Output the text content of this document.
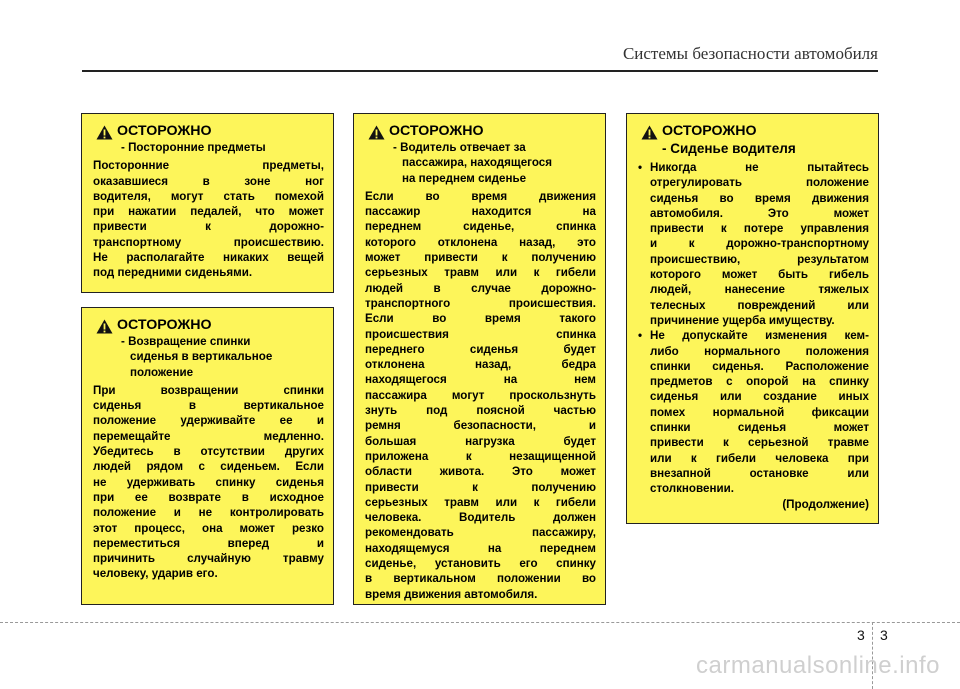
Системы безопасности автомобиля
ОСТОРОЖНО
- Посторонние предметы
Посторонние предметы,
оказавшиеся в зоне ног
водителя, могут стать помехой
при нажатии педалей, что может
привести к дорожно-
транспортному происшествию.
Не располагайте никаких вещей
под передними сиденьями.
ОСТОРОЖНО
- Возвращение спинки
сиденья в вертикальное
положение
При возвращении спинки
сиденья в вертикальное
положение удерживайте ее и
перемещайте медленно.
Убедитесь в отсутствии других
людей рядом с сиденьем. Если
не удерживать спинку сиденья
при ее возврате в исходное
положение и не контролировать
этот процесс, она может резко
переместиться вперед и
причинить случайную травму
человеку, ударив его.
ОСТОРОЖНО
- Водитель отвечает за
пассажира, находящегося
на переднем сиденье
Если во время движения
пассажир находится на
переднем сиденье, спинка
которого отклонена назад, это
может привести к получению
серьезных травм или к гибели
людей в случае дорожно-
транспортного происшествия.
Если во время такого
происшествия спинка
переднего сиденья будет
отклонена назад, бедра
находящегося на нем
пассажира могут проскользнуть
знуть под поясной частью
ремня безопасности, и
большая нагрузка будет
приложена к незащищенной
области живота. Это может
привести к получению
серьезных травм или к гибели
человека. Водитель должен
рекомендовать пассажиру,
находящемуся на переднем
сиденье, установить его спинку
в вертикальном положении во
время движения автомобиля.
ОСТОРОЖНО
- Сиденье водителя
• Никогда не пытайтесь
отрегулировать положение
сиденья во время движения
автомобиля. Это может
привести к потере управления
и к дорожно-транспортному
происшествию, результатом
которого может быть гибель
людей, нанесение тяжелых
телесных повреждений или
причинение ущерба имуществу.
• Не допускайте изменения кем-
либо нормального положения
спинки сиденья. Расположение
предметов с опорой на спинку
сиденья или создание иных
помех нормальной фиксации
спинки сиденья может
привести к серьезной травме
или к гибели человека при
внезапной остановке или
столкновении.
(Продолжение)
3 3
carmanualsonline.info
